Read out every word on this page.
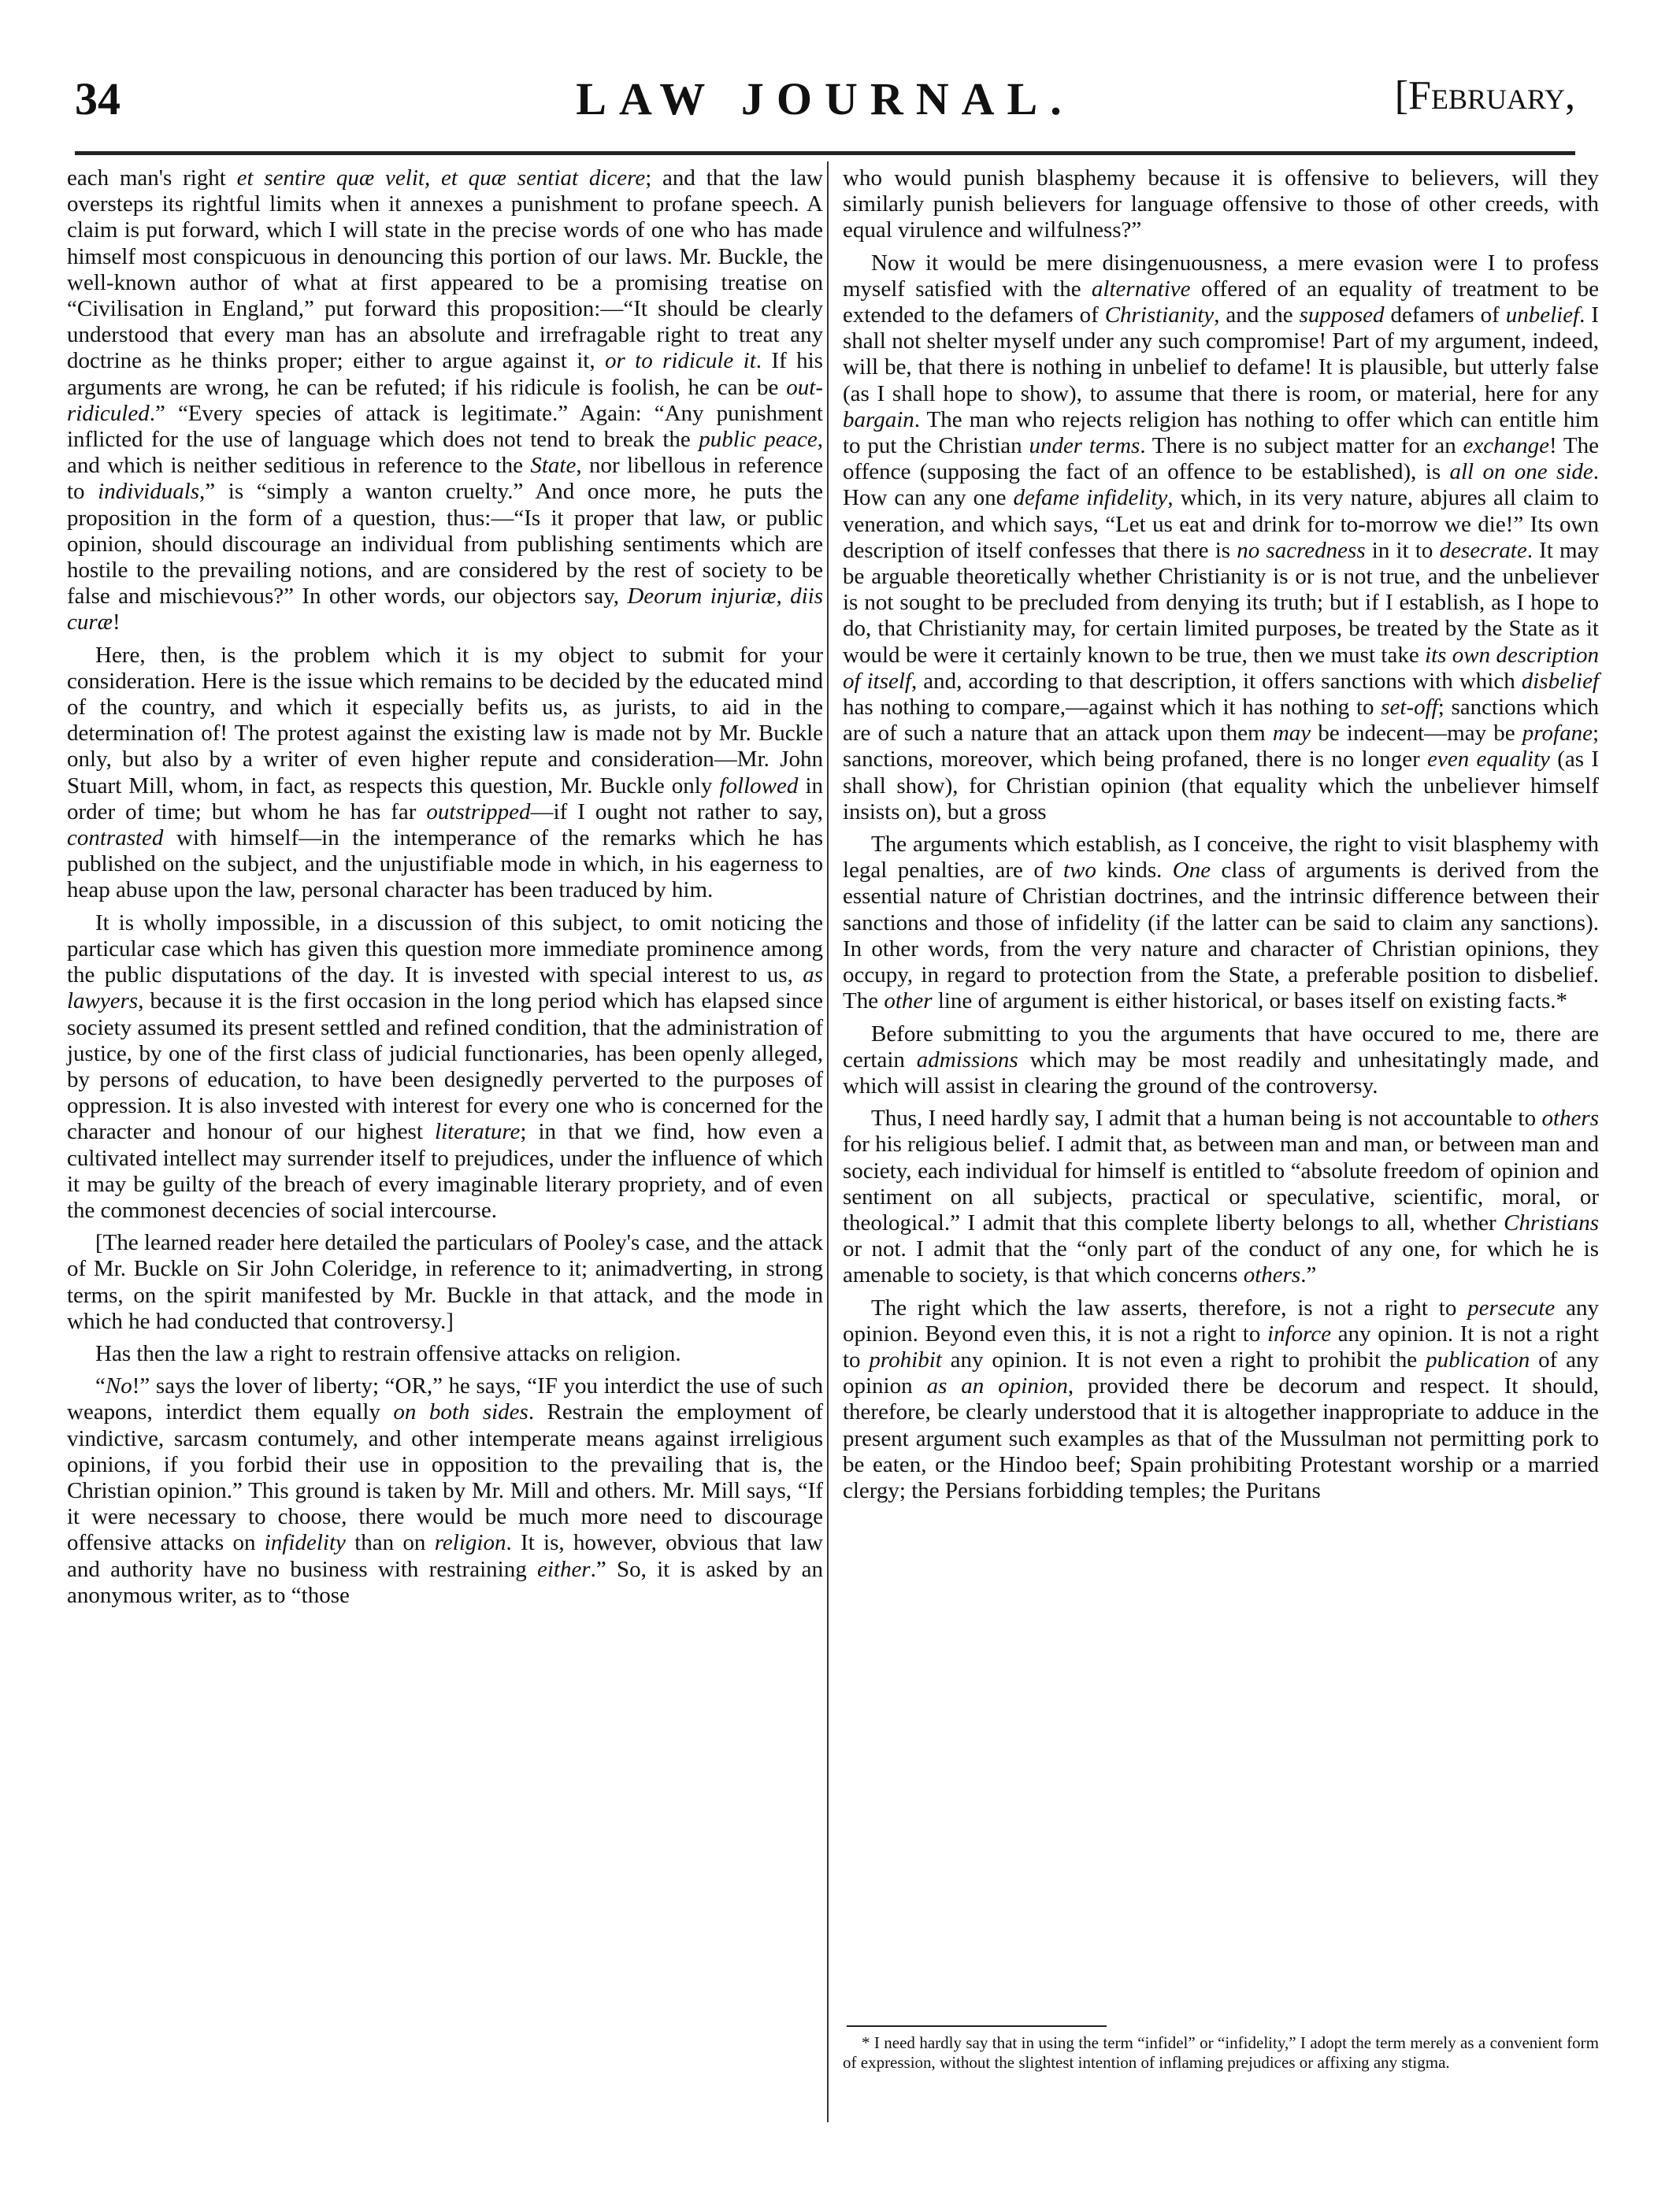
34	LAW JOURNAL.	[February,

each man's right et sentire quæ velit, et quæ sentiat dicere; and that the law oversteps its rightful limits when it annexes a punishment to profane speech. A claim is put forward, which I will state in the precise words of one who has made himself most conspicuous in denouncing this portion of our laws. Mr. Buckle, the well-known author of what at first appeared to be a promising treatise on “Civilisation in England,” put forward this proposition:—“It should be clearly understood that every man has an absolute and irrefragable right to treat any doctrine as he thinks proper; either to argue against it, or to ridicule it. If his arguments are wrong, he can be refuted; if his ridicule is foolish, he can be out-ridiculed.” “Every species of attack is legitimate.” Again: “Any punishment inflicted for the use of language which does not tend to break the public peace, and which is neither seditious in reference to the State, nor libellous in reference to individuals,” is “simply a wanton cruelty.” And once more, he puts the proposition in the form of a question, thus:—“Is it proper that law, or public opinion, should discourage an individual from publishing sentiments which are hostile to the prevailing notions, and are considered by the rest of society to be false and mischievous?” In other words, our objectors say, Deorum injuriæ, diis curæ!

Here, then, is the problem which it is my object to submit for your consideration. Here is the issue which remains to be decided by the educated mind of the country, and which it especially befits us, as jurists, to aid in the determination of! The protest against the existing law is made not by Mr. Buckle only, but also by a writer of even higher repute and consideration—Mr. John Stuart Mill, whom, in fact, as respects this question, Mr. Buckle only followed in order of time; but whom he has far outstripped—if I ought not rather to say, contrasted with himself—in the intemperance of the remarks which he has published on the subject, and the unjustifiable mode in which, in his eagerness to heap abuse upon the law, personal character has been traduced by him.

It is wholly impossible, in a discussion of this subject, to omit noticing the particular case which has given this question more immediate prominence among the public disputations of the day. It is invested with special interest to us, as lawyers, because it is the first occasion in the long period which has elapsed since society assumed its present settled and refined condition, that the administration of justice, by one of the first class of judicial functionaries, has been openly alleged, by persons of education, to have been designedly perverted to the purposes of oppression. It is also invested with interest for every one who is concerned for the character and honour of our highest literature; in that we find, how even a cultivated intellect may surrender itself to prejudices, under the influence of which it may be guilty of the breach of every imaginable literary propriety, and of even the commonest decencies of social intercourse.

[The learned reader here detailed the particulars of Pooley's case, and the attack of Mr. Buckle on Sir John Coleridge, in reference to it; animadverting, in strong terms, on the spirit manifested by Mr. Buckle in that attack, and the mode in which he had conducted that controversy.]

Has then the law a right to restrain offensive attacks on religion.

“No!” says the lover of liberty; “OR,” he says, “IF you interdict the use of such weapons, interdict them equally on both sides. Restrain the employment of vindictive, sarcasm contumely, and other intemperate means against irreligious opinions, if you forbid their use in opposition to the prevailing that is, the Christian opinion.” This ground is taken by Mr. Mill and others. Mr. Mill says, “If it were necessary to choose, there would be much more need to discourage offensive attacks on infidelity than on religion. It is, however, obvious that law and authority have no business with restraining either.” So, it is asked by an anonymous writer, as to “those

who would punish blasphemy because it is offensive to believers, will they similarly punish believers for language offensive to those of other creeds, with equal virulence and wilfulness?”

Now it would be mere disingenuousness, a mere evasion were I to profess myself satisfied with the alternative offered of an equality of treatment to be extended to the defamers of Christianity, and the supposed defamers of unbelief. I shall not shelter myself under any such compromise! Part of my argument, indeed, will be, that there is nothing in unbelief to defame! It is plausible, but utterly false (as I shall hope to show), to assume that there is room, or material, here for any bargain. The man who rejects religion has nothing to offer which can entitle him to put the Christian under terms. There is no subject matter for an exchange! The offence (supposing the fact of an offence to be established), is all on one side. How can any one defame infidelity, which, in its very nature, abjures all claim to veneration, and which says, “Let us eat and drink for to-morrow we die!” Its own description of itself confesses that there is no sacredness in it to desecrate. It may be arguable theoretically whether Christianity is or is not true, and the unbeliever is not sought to be precluded from denying its truth; but if I establish, as I hope to do, that Christianity may, for certain limited purposes, be treated by the State as it would be were it certainly known to be true, then we must take its own description of itself, and, according to that description, it offers sanctions with which disbelief has nothing to compare,—against which it has nothing to set-off; sanctions which are of such a nature that an attack upon them may be indecent—may be profane; sanctions, moreover, which being profaned, there is no longer even equality (as I shall show), for Christian opinion (that equality which the unbeliever himself insists on), but a gross

The arguments which establish, as I conceive, the right to visit blasphemy with legal penalties, are of two kinds. One class of arguments is derived from the essential nature of Christian doctrines, and the intrinsic difference between their sanctions and those of infidelity (if the latter can be said to claim any sanctions). In other words, from the very nature and character of Christian opinions, they occupy, in regard to protection from the State, a preferable position to disbelief. The other line of argument is either historical, or bases itself on existing facts.*

Before submitting to you the arguments that have occured to me, there are certain admissions which may be most readily and unhesitatingly made, and which will assist in clearing the ground of the controversy.

Thus, I need hardly say, I admit that a human being is not accountable to others for his religious belief. I admit that, as between man and man, or between man and society, each individual for himself is entitled to “absolute freedom of opinion and sentiment on all subjects, practical or speculative, scientific, moral, or theological.” I admit that this complete liberty belongs to all, whether Christians or not. I admit that the “only part of the conduct of any one, for which he is amenable to society, is that which concerns others.”

The right which the law asserts, therefore, is not a right to persecute any opinion. Beyond even this, it is not a right to inforce any opinion. It is not a right to prohibit any opinion. It is not even a right to prohibit the publication of any opinion as an opinion, provided there be decorum and respect. It should, therefore, be clearly understood that it is altogether inappropriate to adduce in the present argument such examples as that of the Mussulman not permitting pork to be eaten, or the Hindoo beef; Spain prohibiting Protestant worship or a married clergy; the Persians forbidding temples; the Puritans

* I need hardly say that in using the term “infidel” or “infidelity,” I adopt the term merely as a convenient form of expression, without the slightest intention of inflaming prejudices or affixing any stigma.
